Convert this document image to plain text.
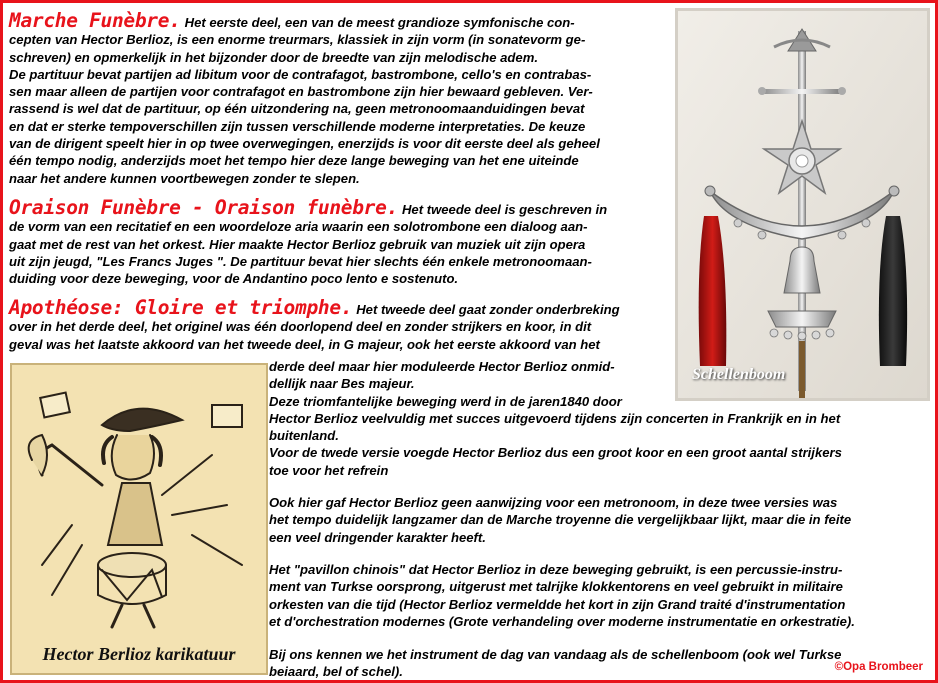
Marche Funèbre. Het eerste deel, een van de meest grandioze symfonische con-
cepten van Hector Berlioz, is een enorme treurmars, klassiek in zijn vorm (in sonatevorm ge-
schreven) en opmerkelijk in het bijzonder door de breedte van zijn melodische adem.
De partituur bevat partijen ad libitum voor de contrafagot, bastrombone, cello's en contrabas-
sen maar alleen de partijen voor contrafagot en bastrombone zijn hier bewaard gebleven. Ver-
rassend is wel dat de partituur, op één uitzondering na, geen metronoomaanduidingen bevat
en dat er sterke tempoverschillen zijn tussen verschillende moderne interpretaties. De keuze
van de dirigent speelt hier in op twee overwegingen, enerzijds is voor dit eerste deel als geheel
één tempo nodig, anderzijds moet het tempo hier deze lange beweging van het ene uiteinde
naar het andere kunnen voortbewegen zonder te slepen.

Oraison Funèbre - Oraison funèbre. Het tweede deel is geschreven in
de vorm van een recitatief en een woordeloze aria waarin een solotrombone een dialoog aan-
gaat met de rest van het orkest. Hier maakte Hector Berlioz gebruik van muziek uit zijn opera
uit zijn jeugd, "Les Francs Juges ". De partituur bevat hier slechts één enkele metronoomaan-
duiding voor deze beweging, voor de Andantino poco lento e sostenuto.

Apothéose: Gloire et triomphe. Het tweede deel gaat zonder onderbreking
over in het derde deel, het originel was één doorlopend deel en zonder strijkers en koor, in dit
geval was het laatste akkoord van het tweede deel, in G majeur, ook het eerste akkoord van het

derde deel maar hier moduleerde Hector Berlioz onmid-
dellijk naar Bes majeur.
Deze triomfantelijke beweging werd in de jaren1840 door
Hector Berlioz veelvuldig met succes uitgevoerd tijdens zijn concerten in Frankrijk en in het
buitenland.
Voor de twede versie voegde Hector Berlioz dus een groot koor en een groot aantal strijkers
toe voor het refrein

Ook hier gaf Hector Berlioz geen aanwijzing voor een metronoom, in deze twee versies was
het tempo duidelijk langzamer dan de Marche troyenne die vergelijkbaar lijkt, maar die in feite
een veel dringender karakter heeft.

Het "pavillon chinois" dat Hector Berlioz in deze beweging gebruikt, is een percussie-instru-
ment van Turkse oorsprong, uitgerust met talrijke klokkentorens en veel gebruikt in militaire
orkesten van die tijd (Hector Berlioz vermeldde het kort in zijn Grand traité d'instrumentation
et d'orchestration modernes (Grote verhandeling over moderne instrumentatie en orkestratie).

Bij ons kennen we het instrument de dag van vandaag als de schellenboom (ook wel Turkse
beiaard, bel of schel).

Schellenboom
Hector Berlioz karikatuur
©Opa Brombeer
